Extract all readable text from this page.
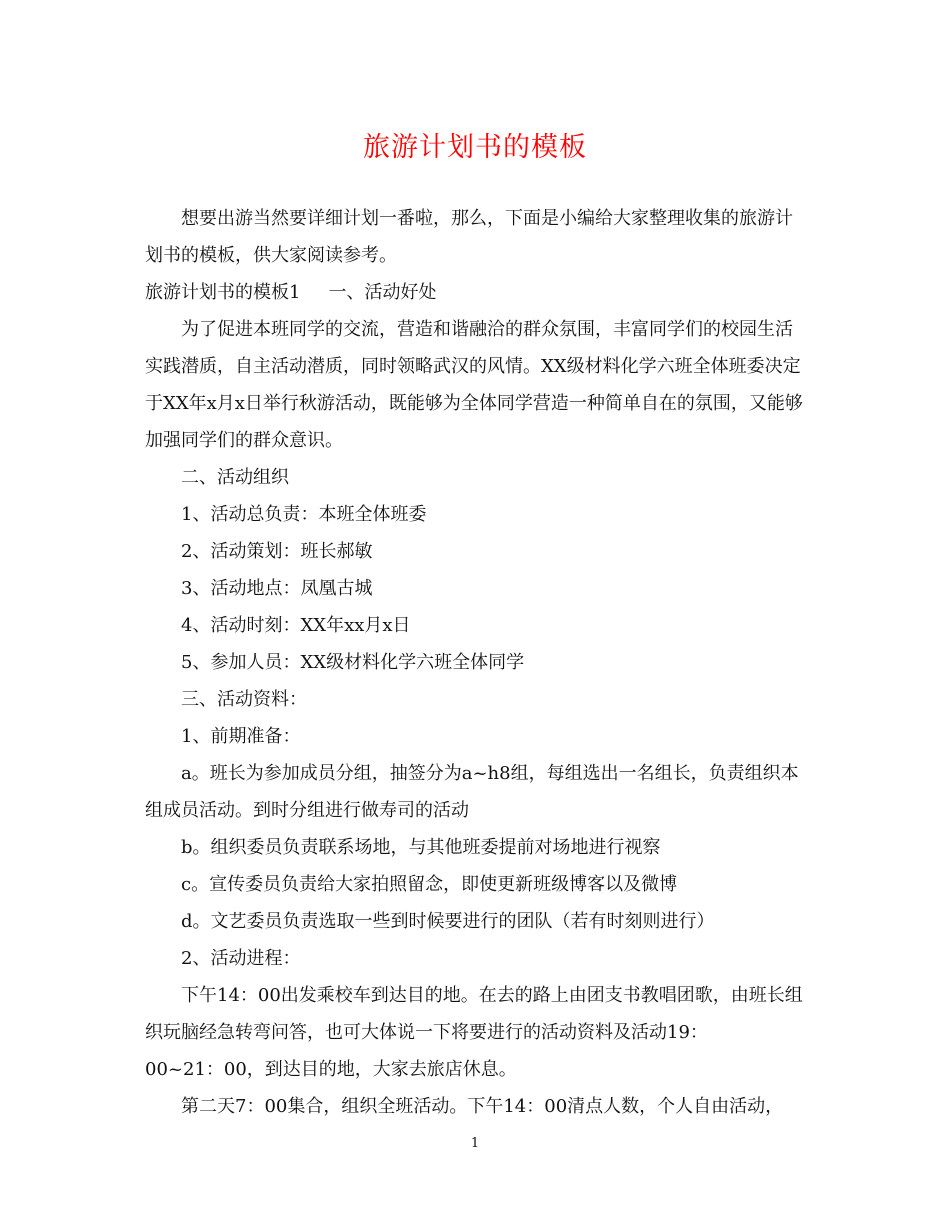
旅游计划书的模板

想要出游当然要详细计划一番啦，那么，下面是小编给大家整理收集的旅游计划书的模板，供大家阅读参考。

旅游计划书的模板1 一、活动好处

为了促进本班同学的交流，营造和谐融洽的群众氛围，丰富同学们的校园生活实践潜质，自主活动潜质，同时领略武汉的风情。XX级材料化学六班全体班委决定于XX年x月x日举行秋游活动，既能够为全体同学营造一种简单自在的氛围，又能够加强同学们的群众意识。

二、活动组织

1、活动总负责：本班全体班委

2、活动策划：班长郝敏

3、活动地点：凤凰古城

4、活动时刻：XX年xx月x日

5、参加人员：XX级材料化学六班全体同学

三、活动资料：

1、前期准备：

a。班长为参加成员分组，抽签分为a~h8组，每组选出一名组长，负责组织本组成员活动。到时分组进行做寿司的活动

b。组织委员负责联系场地，与其他班委提前对场地进行视察

c。宣传委员负责给大家拍照留念，即使更新班级博客以及微博

d。文艺委员负责选取一些到时候要进行的团队（若有时刻则进行）

2、活动进程：

下午14：00出发乘校车到达目的地。在去的路上由团支书教唱团歌，由班长组织玩脑经急转弯问答，也可大体说一下将要进行的活动资料及活动19：

00~21：00，到达目的地，大家去旅店休息。

第二天7：00集合，组织全班活动。下午14：00清点人数，个人自由活动，

1
